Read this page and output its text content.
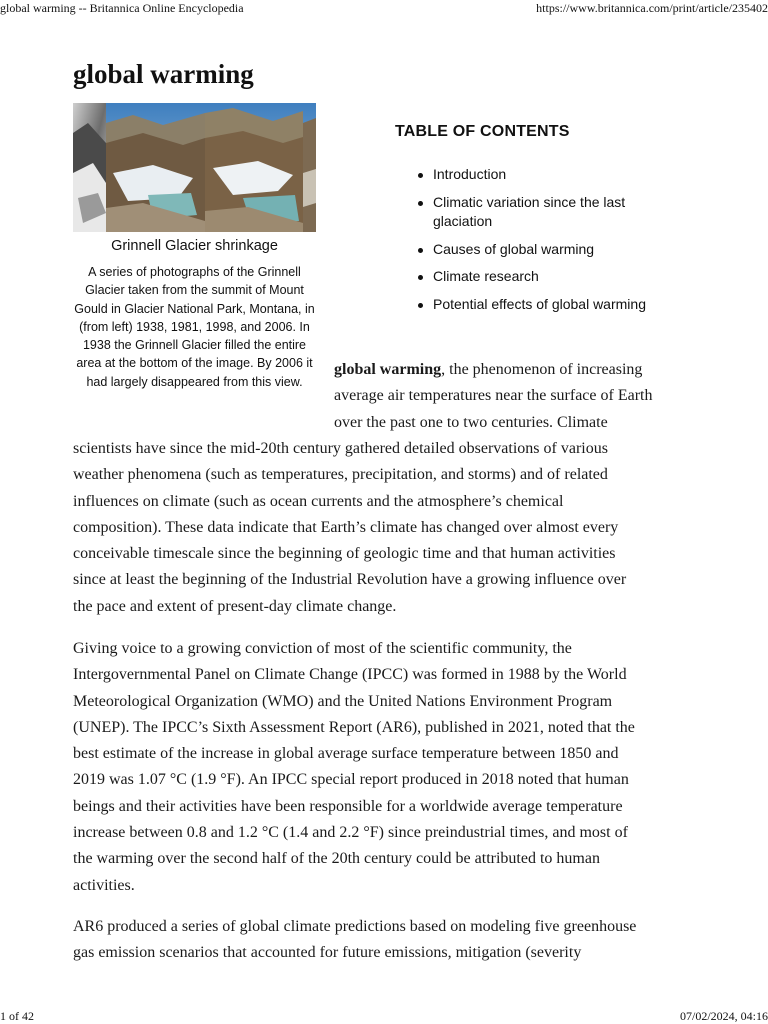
global warming -- Britannica Online Encyclopedia	https://www.britannica.com/print/article/235402
global warming
Grinnell Glacier shrinkage
A series of photographs of the Grinnell Glacier taken from the summit of Mount Gould in Glacier National Park, Montana, in (from left) 1938, 1981, 1998, and 2006. In 1938 the Grinnell Glacier filled the entire area at the bottom of the image. By 2006 it had largely disappeared from this view.
TABLE OF CONTENTS
Introduction
Climatic variation since the last glaciation
Causes of global warming
Climate research
Potential effects of global warming

global warming, the phenomenon of increasing
average air temperatures near the surface of Earth
over the past one to two centuries. Climate

scientists have since the mid-20th century gathered detailed observations of various
weather phenomena (such as temperatures, precipitation, and storms) and of related
influences on climate (such as ocean currents and the atmosphere’s chemical
composition). These data indicate that Earth’s climate has changed over almost every
conceivable timescale since the beginning of geologic time and that human activities
since at least the beginning of the Industrial Revolution have a growing influence over
the pace and extent of present-day climate change.

Giving voice to a growing conviction of most of the scientific community, the
Intergovernmental Panel on Climate Change (IPCC) was formed in 1988 by the World
Meteorological Organization (WMO) and the United Nations Environment Program
(UNEP). The IPCC’s Sixth Assessment Report (AR6), published in 2021, noted that the
best estimate of the increase in global average surface temperature between 1850 and
2019 was 1.07 °C (1.9 °F). An IPCC special report produced in 2018 noted that human
beings and their activities have been responsible for a worldwide average temperature
increase between 0.8 and 1.2 °C (1.4 and 2.2 °F) since preindustrial times, and most of
the warming over the second half of the 20th century could be attributed to human
activities.

AR6 produced a series of global climate predictions based on modeling five greenhouse
gas emission scenarios that accounted for future emissions, mitigation (severity

1 of 42	07/02/2024, 04:16
